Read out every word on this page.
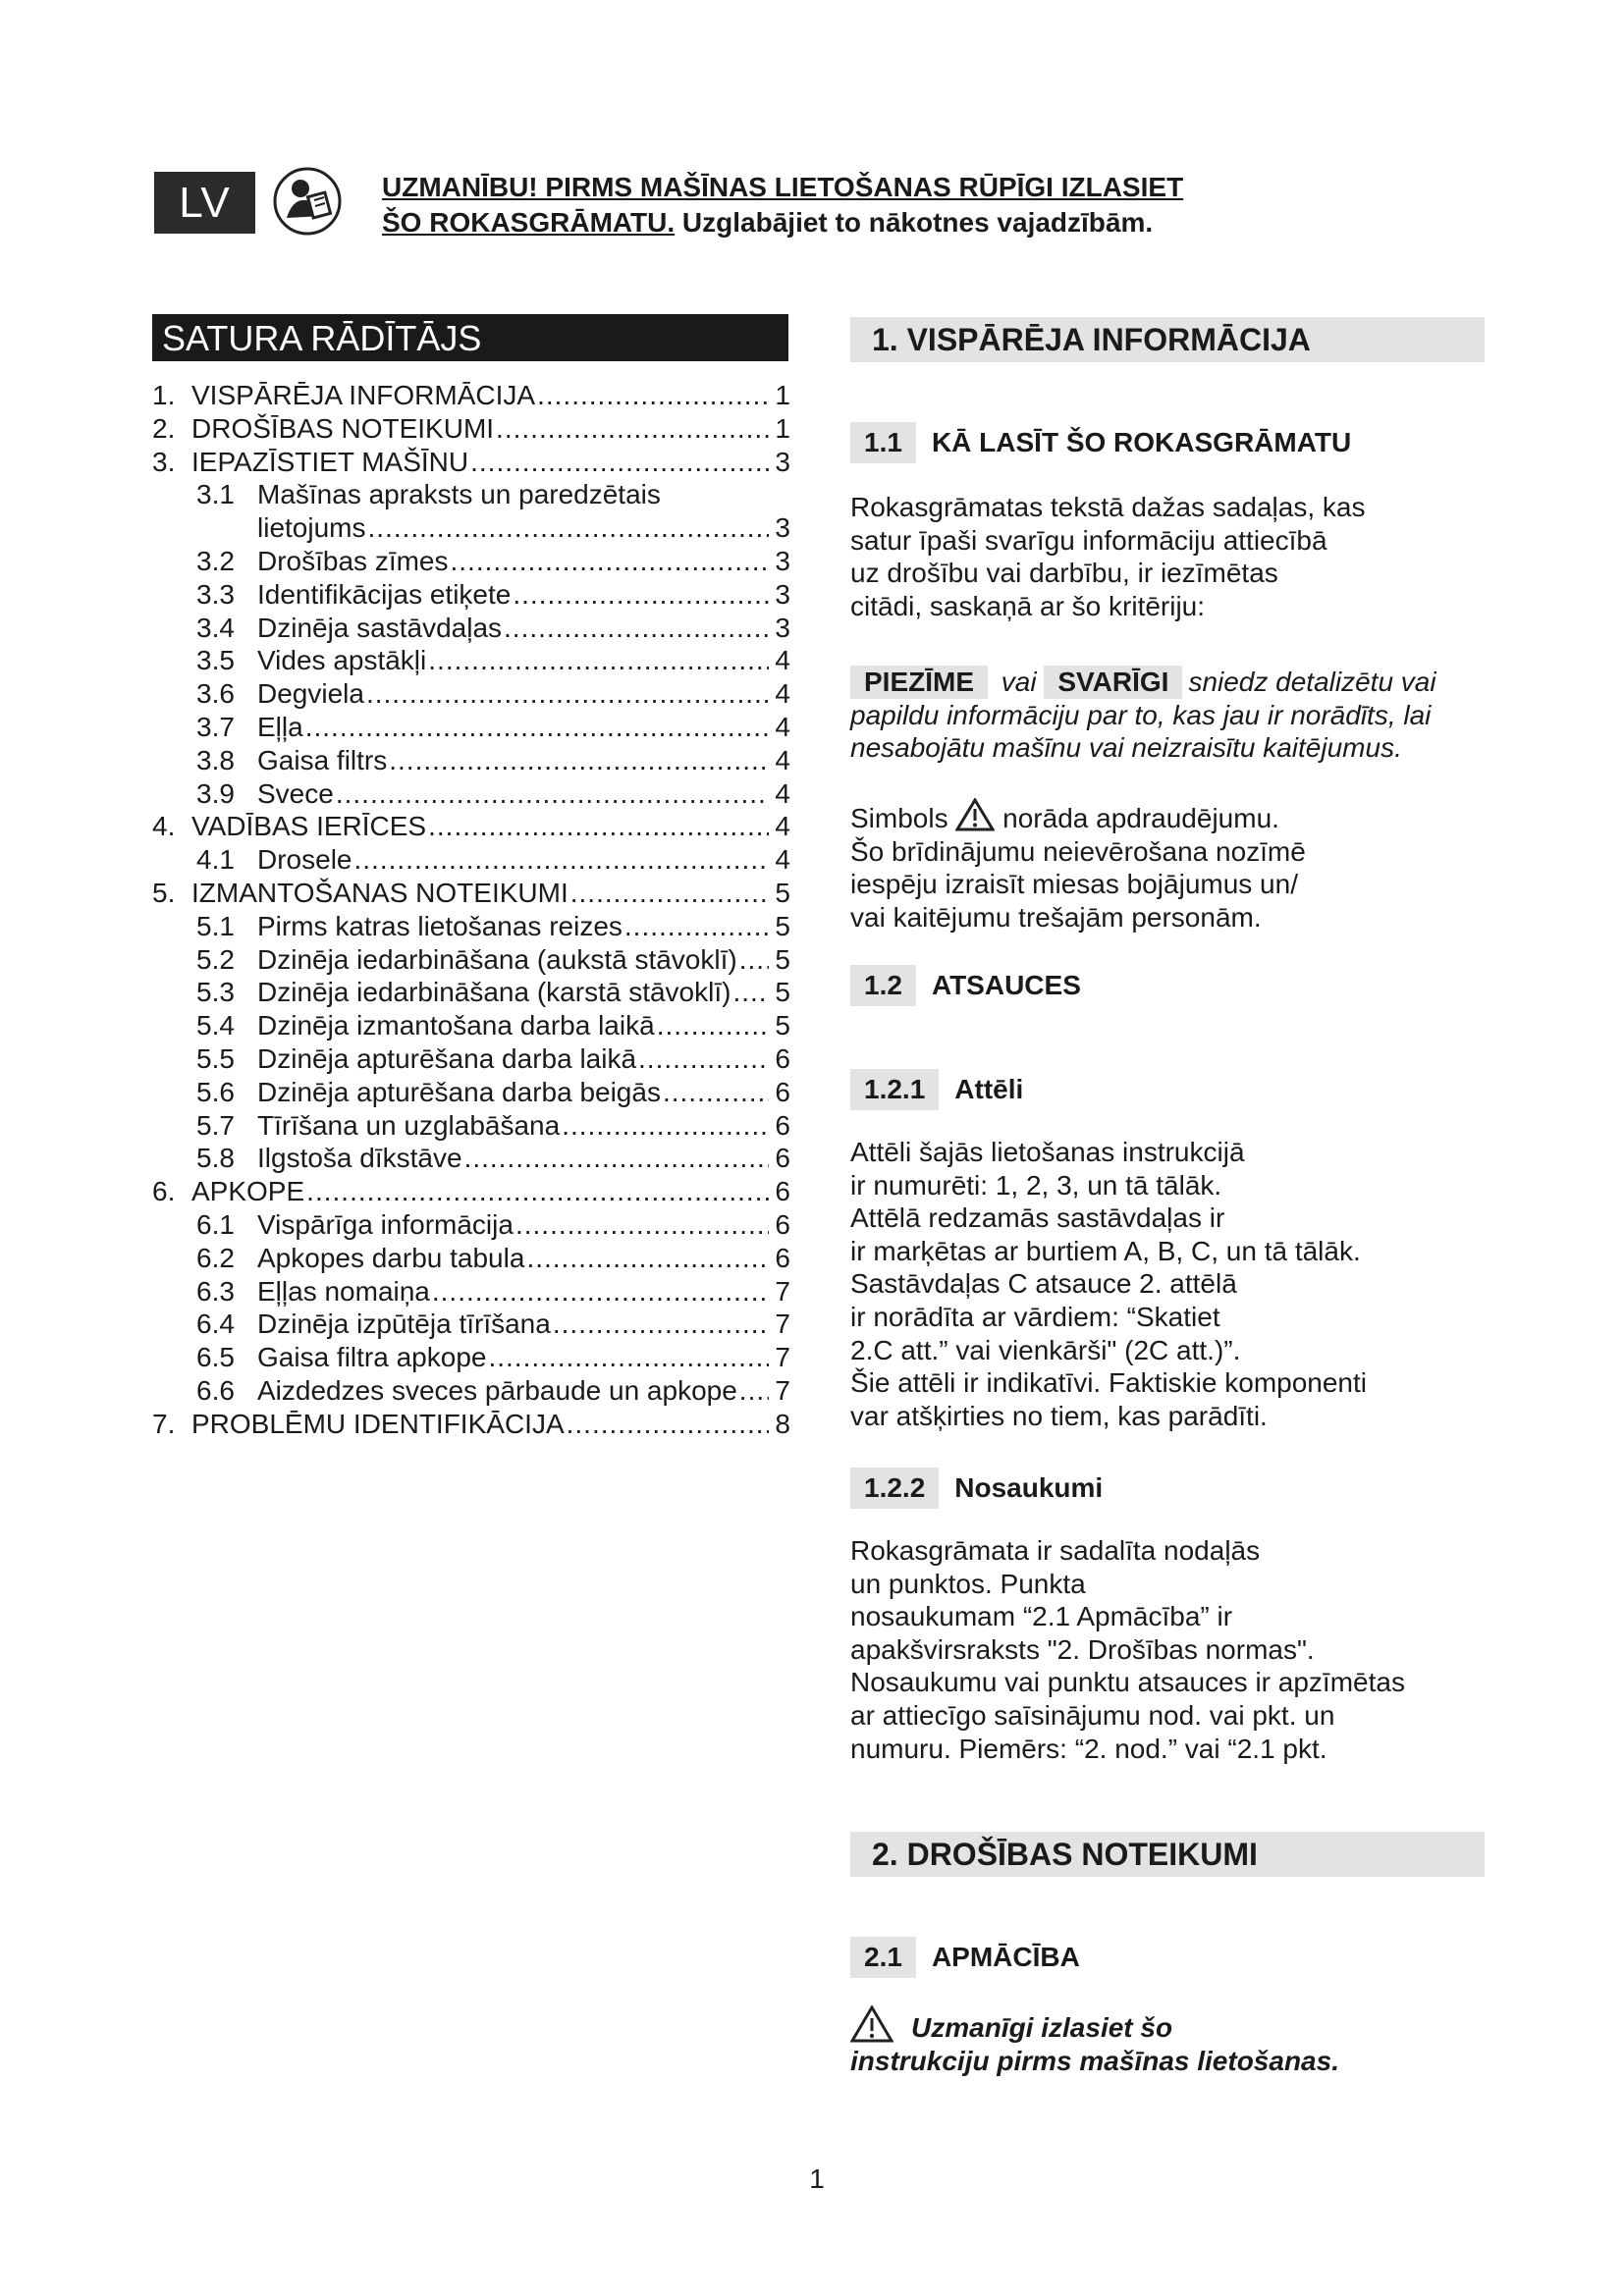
LV	UZMANĪBU! PIRMS MAŠĪNAS LIETOŠANAS RŪPĪGI IZLASIET
ŠO ROKASGRĀMATU. Uzglabājiet to nākotnes vajadzībām.
SATURA RĀDĪTĀJS
1. VISPĀRĒJA INFORMĀCIJA .....	1
2. DROŠĪBAS NOTEIKUMI .....	1
3. IEPAZĪSTIET MAŠĪNU .....	3
3.1 Mašīnas apraksts un paredzētais
lietojums .....	3
3.2 Drošības zīmes .....	3
3.3 Identifikācijas etiķete .....	3
3.4 Dzinēja sastāvdaļas .....	3
3.5 Vides apstākļi .....	4
3.6 Degviela .....	4
3.7 Eļļa .....	4
3.8 Gaisa filtrs .....	4
3.9 Svece .....	4
4. VADĪBAS IERĪCES .....	4
4.1 Drosele .....	4
5. IZMANTOŠANAS NOTEIKUMI .....	5
5.1 Pirms katras lietošanas reizes .....	5
5.2 Dzinēja iedarbināšana (aukstā stāvoklī) ..... 5
5.3 Dzinēja iedarbināšana (karstā stāvoklī) ..... 5
5.4 Dzinēja izmantošana darba laikā .....	5
5.5 Dzinēja apturēšana darba laikā .....	6
5.6 Dzinēja apturēšana darba beigās .....	6
5.7 Tīrīšana un uzglabāšana .....	6
5.8 Ilgstoša dīkstāve .....	6
6. APKOPE .....	6
6.1 Vispārīga informācija .....	6
6.2 Apkopes darbu tabula .....	6
6.3 Eļļas nomaiņa .....	7
6.4 Dzinēja izpūtēja tīrīšana .....	7
6.5 Gaisa filtra apkope .....	7
6.6 Aizdedzes sveces pārbaude un apkope ..... 7
7. PROBLĒMU IDENTIFIKĀCIJA .....	8
1. VISPĀRĒJA INFORMĀCIJA
1.1	KĀ LASĪT ŠO ROKASGRĀMATU
Rokasgrāmatas tekstā dažas sadaļas, kas
satur īpaši svarīgu informāciju attiecībā
uz drošību vai darbību, ir iezīmētas
citādi, saskaņā ar šo kritēriju:
PIEZĪME vai SVARĪGI sniedz detalizētu vai
papildu informāciju par to, kas jau ir norādīts, lai
nesabojātu mašīnu vai neizraisītu kaitējumus.
Simbols norāda apdraudējumu.
Šo brīdinājumu neievērošana nozīmē
iespēju izraisīt miesas bojājumus un/
vai kaitējumu trešajām personām.
1.2	ATSAUCES
1.2.1	Attēli
Attēli šajās lietošanas instrukcijā
ir numurēti: 1, 2, 3, un tā tālāk.
Attēlā redzamās sastāvdaļas ir
ir marķētas ar burtiem A, B, C, un tā tālāk.
Sastāvdaļas C atsauce 2. attēlā
ir norādīta ar vārdiem: “Skatiet
2.C att.” vai vienkārši" (2C att.)”.
Šie attēli ir indikatīvi. Faktiskie komponenti
var atšķirties no tiem, kas parādīti.
1.2.2	Nosaukumi
Rokasgrāmata ir sadalīta nodaļās
un punktos. Punkta
nosaukumam “2.1 Apmācība” ir
apakšvirsraksts "2. Drošības normas".
Nosaukumu vai punktu atsauces ir apzīmētas
ar attiecīgo saīsinājumu nod. vai pkt. un
numuru. Piemērs: “2. nod.” vai “2.1 pkt.
2. DROŠĪBAS NOTEIKUMI
2.1	APMĀCĪBA
Uzmanīgi izlasiet šo
instrukciju pirms mašīnas lietošanas.
1
